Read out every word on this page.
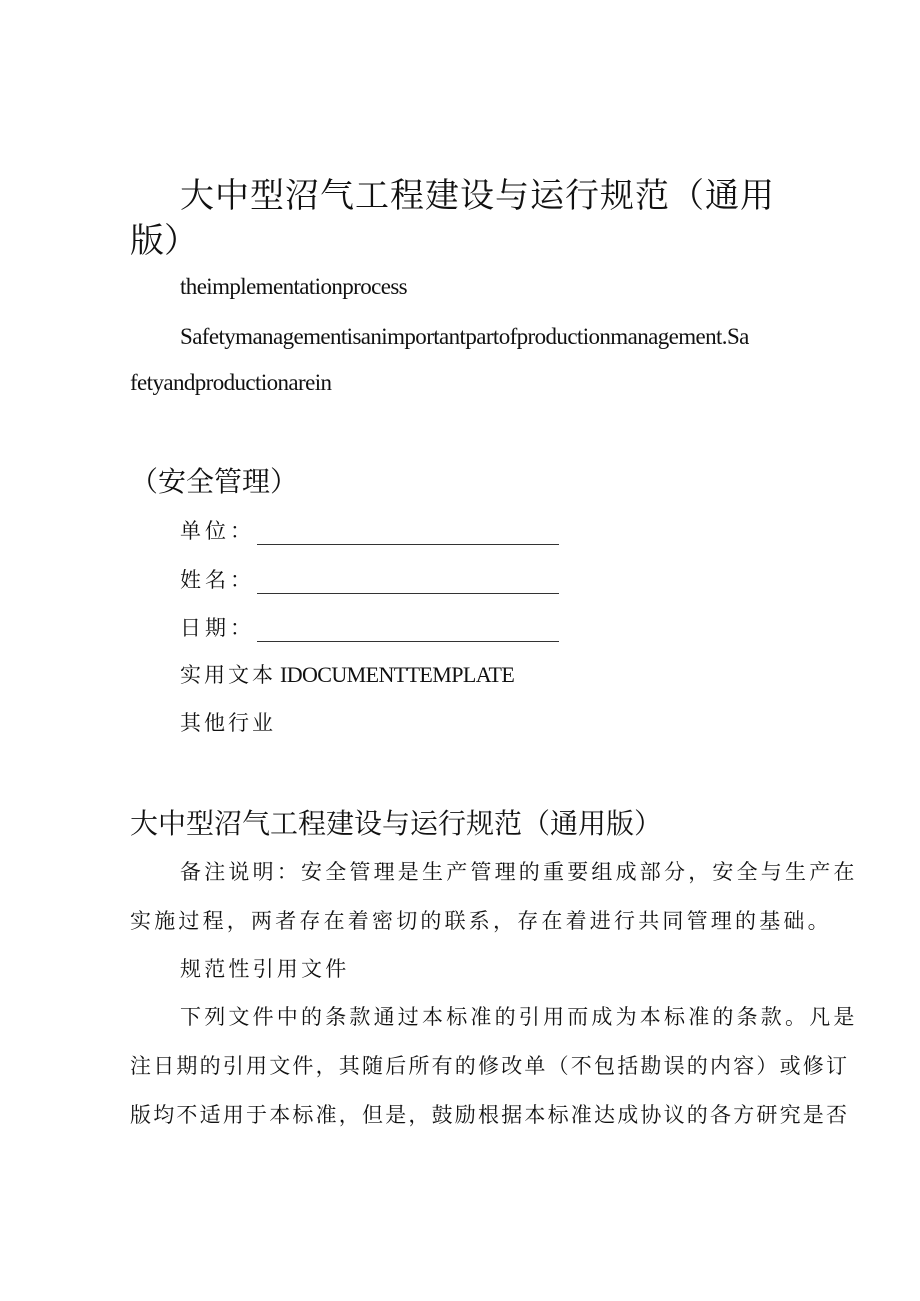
大中型沼气工程建设与运行规范（通用
版）

theimplementationprocess

Safetymanagementisanimportantpartofproductionmanagement.Sa

fetyandproductionarein

（安全管理）
单位：
姓名：
日期：

实用文本 IDOCUMENTTEMPLATE

其他行业

大中型沼气工程建设与运行规范（通用版）

备注说明：安全管理是生产管理的重要组成部分，安全与生产在

实施过程，两者存在着密切的联系，存在着进行共同管理的基础。

规范性引用文件

下列文件中的条款通过本标准的引用而成为本标准的条款。凡是

注日期的引用文件，其随后所有的修改单（不包括勘误的内容）或修订

版均不适用于本标准，但是，鼓励根据本标准达成协议的各方研究是否
